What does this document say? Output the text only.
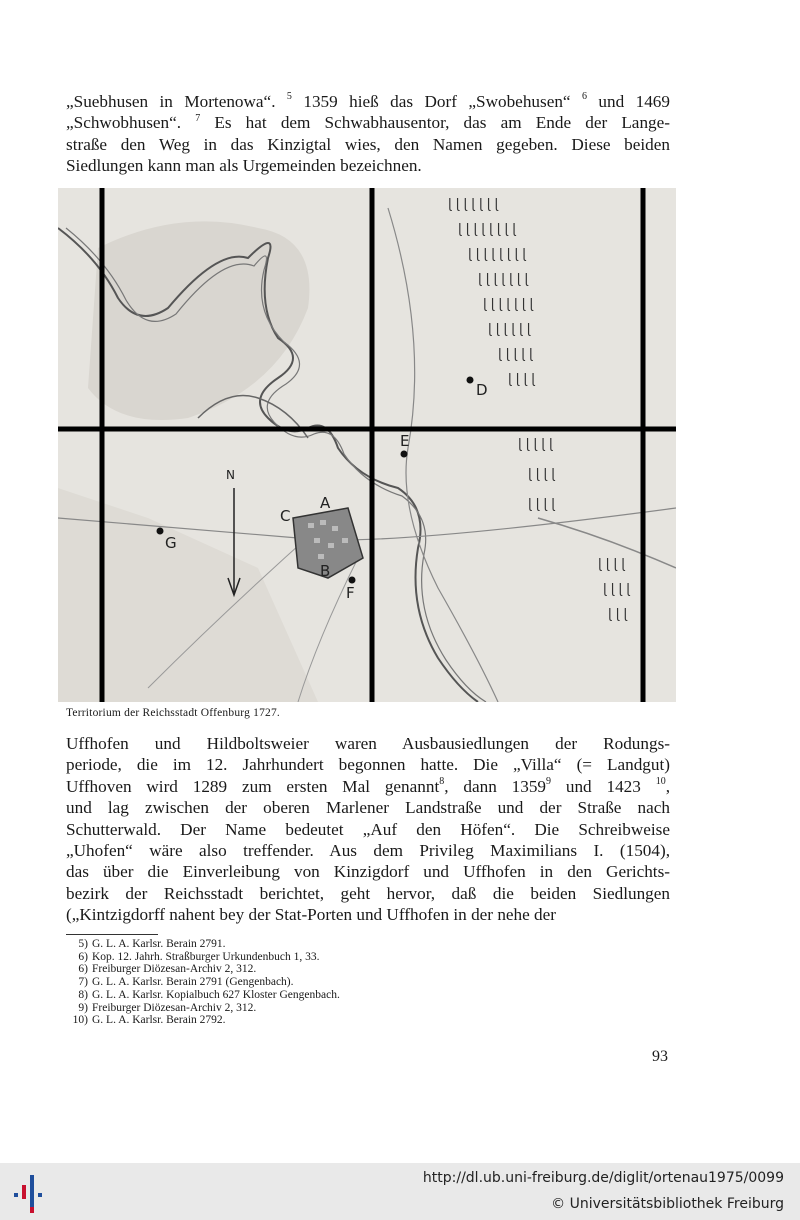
„Suebhusen in Mortenowa“. $^5$ 1359 hieß das Dorf „Swobehusen“ $^6$ und 1469
„Schwobhusen“. $^7$ Es hat dem Schwabhausentor, das am Ende der Lange-
straße den Weg in das Kinzigtal wies, den Namen gegeben. Diese beiden
Siedlungen kann man als Urgemeinden bezeichnen.

ɭ ɭ ɭ ɭ ɭ ɭ ɭ
ɭ ɭ ɭ ɭ ɭ ɭ ɭ ɭ
ɭ ɭ ɭ ɭ ɭ ɭ ɭ ɭ
ɭ ɭ ɭ ɭ ɭ ɭ ɭ
ɭ ɭ ɭ ɭ ɭ ɭ ɭ
ɭ ɭ ɭ ɭ ɭ ɭ
ɭ ɭ ɭ ɭ ɭ
ɭ ɭ ɭ ɭ
ɭ ɭ ɭ ɭ ɭ
ɭ ɭ ɭ ɭ
ɭ ɭ ɭ ɭ
ɭ ɭ ɭ ɭ
ɭ ɭ ɭ ɭ
ɭ ɭ ɭ
D
E
A
C
B
F
G
N

Territorium der Reichsstadt Offenburg 1727.

Uffhofen und Hildboltsweier waren Ausbausiedlungen der Rodungs-
periode, die im 12. Jahrhundert begonnen hatte. Die „Villa“ (= Landgut)
Uffhoven wird 1289 zum ersten Mal genannt$^8$, dann 1359$^9$ und 1423 $^{10}$,
und lag zwischen der oberen Marlener Landstraße und der Straße nach
Schutterwald. Der Name bedeutet „Auf den Höfen“. Die Schreibweise
„Uhofen“ wäre also treffender. Aus dem Privileg Maximilians I. (1504),
das über die Einverleibung von Kinzigdorf und Uffhofen in den Gerichts-
bezirk der Reichsstadt berichtet, geht hervor, daß die beiden Siedlungen
(„Kintzigdorff nahent bey der Stat-Porten und Uffhofen in der nehe der

5) G. L. A. Karlsr. Berain 2791.
6) Kop. 12. Jahrh. Straßburger Urkundenbuch 1, 33.
6) Freiburger Diözesan-Archiv 2, 312.
7) G. L. A. Karlsr. Berain 2791 (Gengenbach).
8) G. L. A. Karlsr. Kopialbuch 627 Kloster Gengenbach.
9) Freiburger Diözesan-Archiv 2, 312.
10) G. L. A. Karlsr. Berain 2792.
93
http://dl.ub.uni-freiburg.de/diglit/ortenau1975/0099
© Universitätsbibliothek Freiburg
